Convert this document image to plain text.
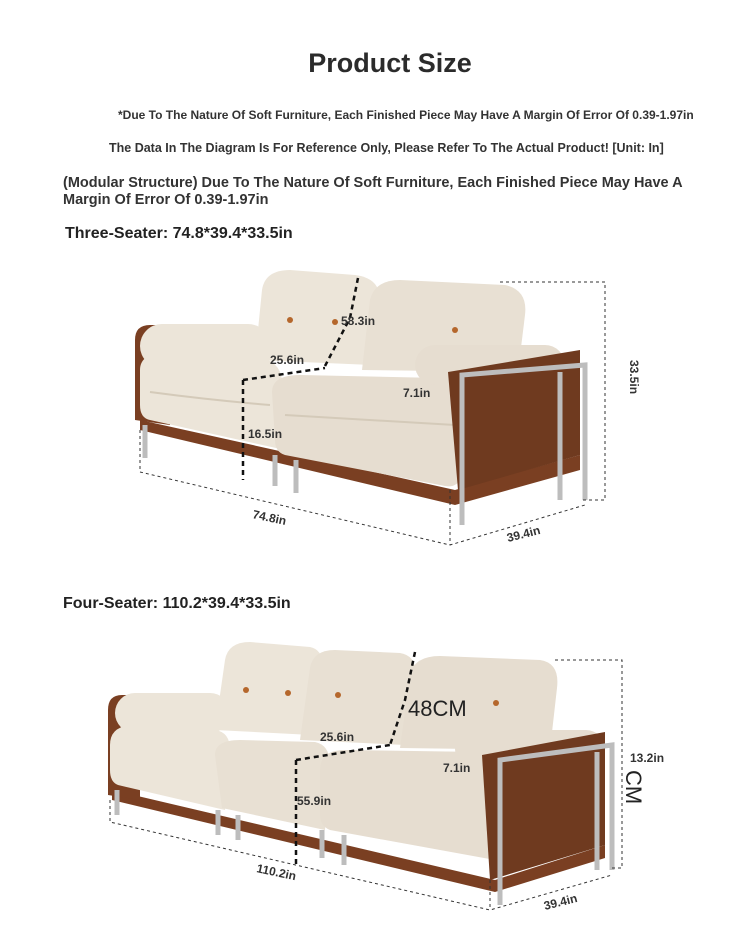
Product Size
*Due To The Nature Of Soft Furniture, Each Finished Piece May Have A Margin Of Error Of 0.39-1.97in
The Data In The Diagram Is For Reference Only, Please Refer To The Actual Product! [Unit: In]
(Modular Structure) Due To The Nature Of Soft Furniture, Each Finished Piece May Have A Margin Of Error Of 0.39-1.97in
Three-Seater: 74.8*39.4*33.5in
58.3in
25.6in
7.1in	33.5in
16.5in
74.8in
39.4in
Four-Seater: 110.2*39.4*33.5in
48CM
25.6in
7.1in
13.2in
CM
55.9in
110.2in
39.4in
